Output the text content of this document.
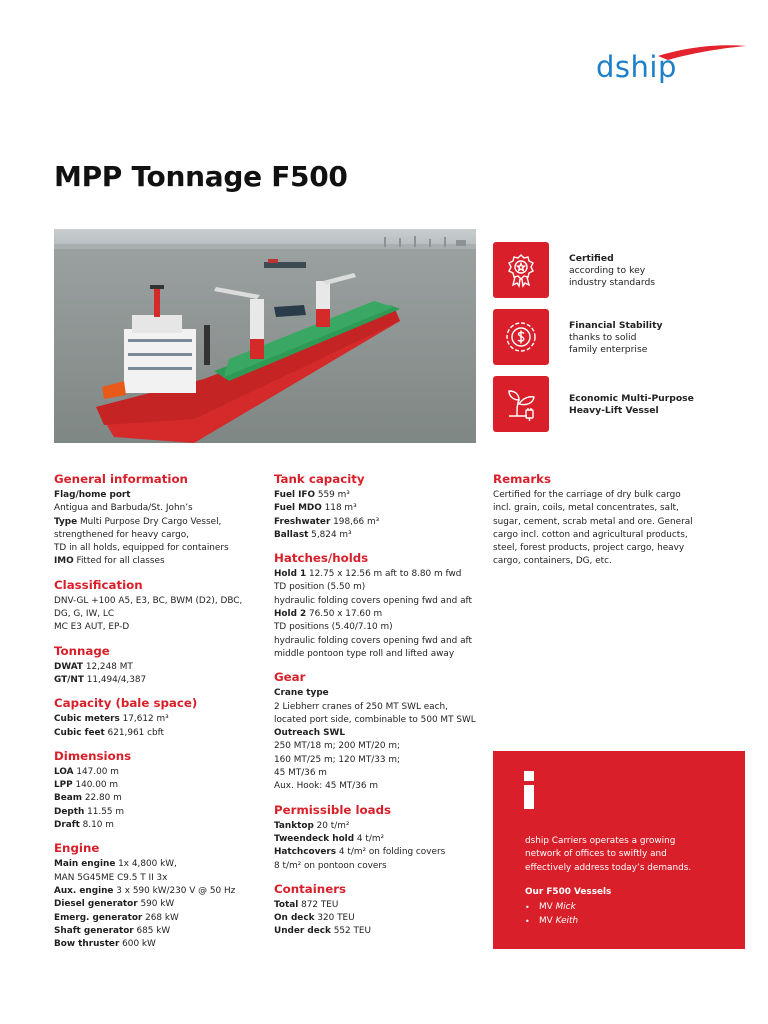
dship
MPP Tonnage F500
Certified
according to key
industry standards
Financial Stability
thanks to solid
family enterprise
Economic Multi-Purpose
Heavy-Lift Vessel
General information
Flag/home port
Antigua and Barbuda/St. John’s
Type Multi Purpose Dry Cargo Vessel,
strengthened for heavy cargo,
TD in all holds, equipped for containers
IMO Fitted for all classes
Classification
DNV-GL +100 A5, E3, BC, BWM (D2), DBC,
DG, G, IW, LC
MC E3 AUT, EP-D
Tonnage
DWAT 12,248 MT
GT/NT 11,494/4,387
Capacity (bale space)
Cubic meters 17,612 m³
Cubic feet 621,961 cbft
Dimensions
LOA 147.00 m
LPP 140.00 m
Beam 22.80 m
Depth 11.55 m
Draft 8.10 m
Engine
Main engine 1x 4,800 kW,
MAN 5G45ME C9.5 T II 3x
Aux. engine 3 x 590 kW/230 V @ 50 Hz
Diesel generator 590 kW
Emerg. generator 268 kW
Shaft generator 685 kW
Bow thruster 600 kW
Tank capacity
Fuel IFO 559 m³
Fuel MDO 118 m³
Freshwater 198,66 m³
Ballast 5,824 m³
Hatches/holds
Hold 1 12.75 x 12.56 m aft to 8.80 m fwd
TD position (5.50 m)
hydraulic folding covers opening fwd and aft
Hold 2 76.50 x 17.60 m
TD positions (5.40/7.10 m)
hydraulic folding covers opening fwd and aft
middle pontoon type roll and lifted away
Gear
Crane type
2 Liebherr cranes of 250 MT SWL each,
located port side, combinable to 500 MT SWL
Outreach SWL
250 MT/18 m; 200 MT/20 m;
160 MT/25 m; 120 MT/33 m;
45 MT/36 m
Aux. Hook: 45 MT/36 m
Permissible loads
Tanktop 20 t/m²
Tweendeck hold 4 t/m²
Hatchcovers 4 t/m² on folding covers
8 t/m² on pontoon covers
Containers
Total 872 TEU
On deck 320 TEU
Under deck 552 TEU
Remarks
Certified for the carriage of dry bulk cargo
incl. grain, coils, metal concentrates, salt,
sugar, cement, scrab metal and ore. General
cargo incl. cotton and agricultural products,
steel, forest products, project cargo, heavy
cargo, containers, DG, etc.
dship Carriers operates a growing
network of offices to swiftly and
effectively address today’s demands.
Our F500 Vessels
• MV Mick
• MV Keith
